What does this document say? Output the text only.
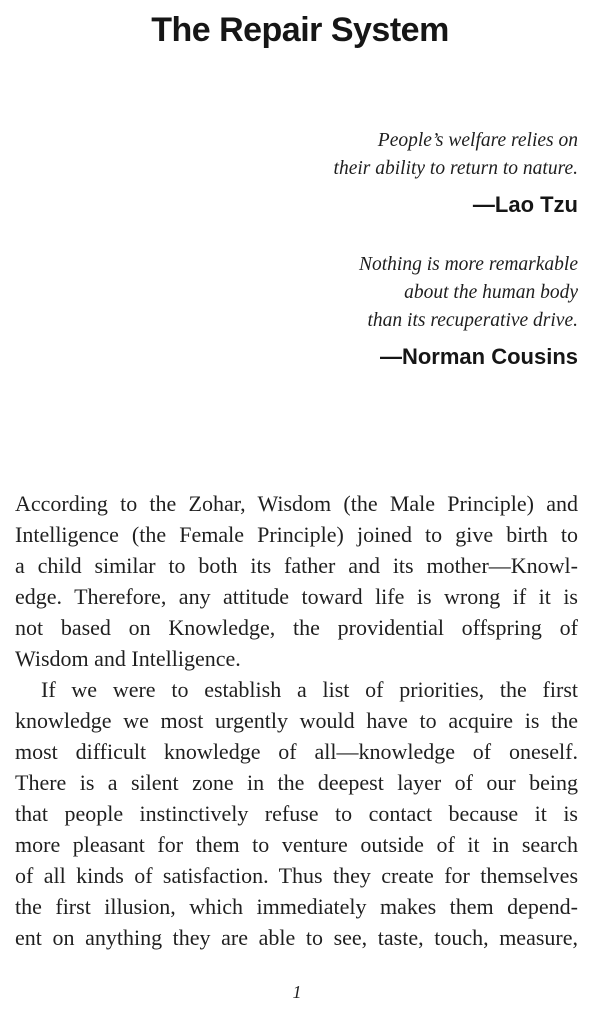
The Repair System
People’s welfare relies on
their ability to return to nature.
—Lao Tzu
Nothing is more remarkable
about the human body
than its recuperative drive.
—Norman Cousins
According to the Zohar, Wisdom (the Male Principle) and
Intelligence (the Female Principle) joined to give birth to
a child similar to both its father and its mother—Knowl-
edge. Therefore, any attitude toward life is wrong if it is
not based on Knowledge, the providential offspring of
Wisdom and Intelligence.
If we were to establish a list of priorities, the first
knowledge we most urgently would have to acquire is the
most difficult knowledge of all—knowledge of oneself.
There is a silent zone in the deepest layer of our being
that people instinctively refuse to contact because it is
more pleasant for them to venture outside of it in search
of all kinds of satisfaction. Thus they create for themselves
the first illusion, which immediately makes them depend-
ent on anything they are able to see, taste, touch, measure,
1
